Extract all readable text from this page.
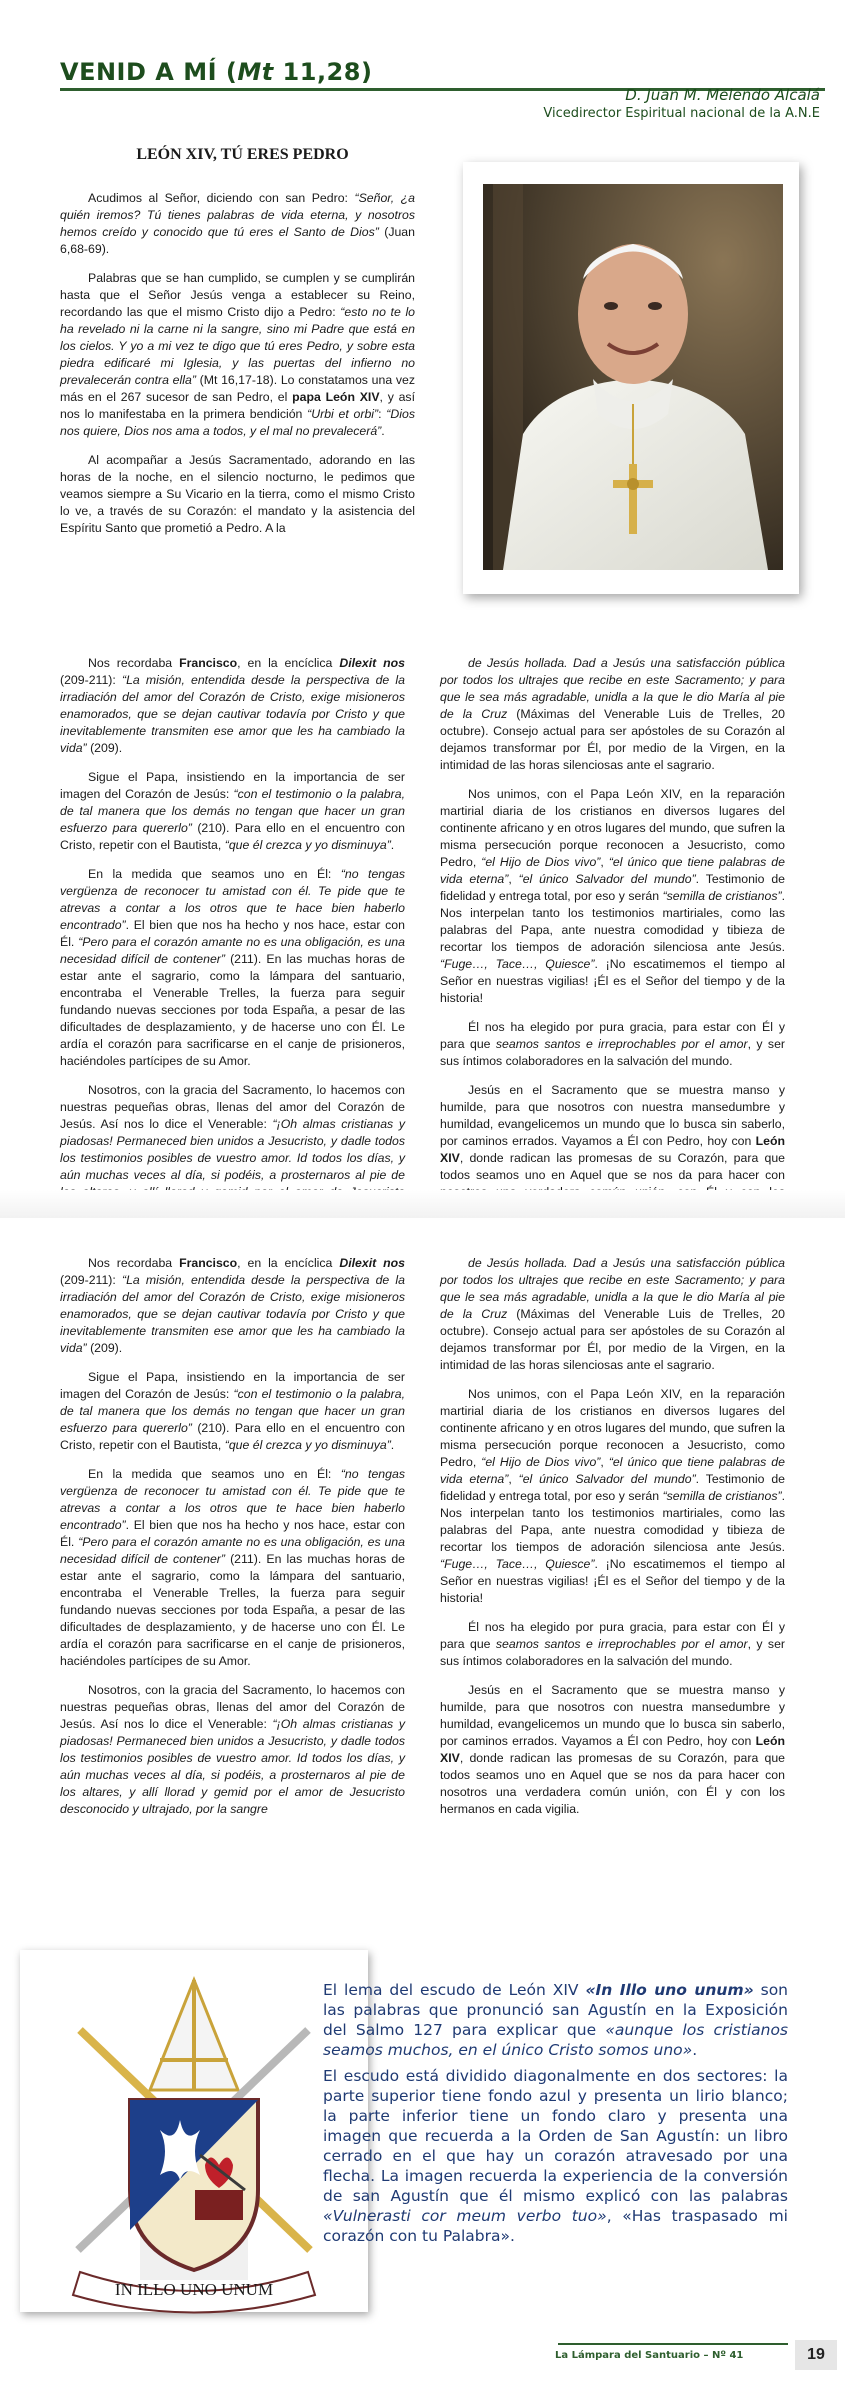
VENID A MÍ (Mt 11,28)
D. Juan M. Melendo Alcalá
Vicedirector Espiritual nacional de la A.N.E
LEÓN XIV, TÚ ERES PEDRO

Acudimos al Señor, diciendo con san Pedro: “Señor, ¿a quién iremos? Tú tienes palabras de vida eterna, y nosotros hemos creído y conocido que tú eres el Santo de Dios” (Juan 6,68-69).

Palabras que se han cumplido, se cumplen y se cumplirán hasta que el Señor Jesús venga a establecer su Reino, recordando las que el mismo Cristo dijo a Pedro: “esto no te lo ha revelado ni la carne ni la sangre, sino mi Padre que está en los cielos. Y yo a mi vez te digo que tú eres Pedro, y sobre esta piedra edificaré mi Iglesia, y las puertas del infierno no prevalecerán contra ella” (Mt 16,17-18). Lo constatamos una vez más en el 267 sucesor de san Pedro, el papa León XIV, y así nos lo manifestaba en la primera bendición “Urbi et orbi”: “Dios nos quiere, Dios nos ama a todos, y el mal no prevalecerá”.

Al acompañar a Jesús Sacramentado, adorando en las horas de la noche, en el silencio nocturno, le pedimos que veamos siempre a Su Vicario en la tierra, como el mismo Cristo lo ve, a través de su Corazón: el mandato y la asistencia del Espíritu Santo que prometió a Pedro. A la

Nos recordaba Francisco, en la encíclica Dilexit nos (209-211): “La misión, entendida desde la perspectiva de la irradiación del amor del Corazón de Cristo, exige misioneros enamorados, que se dejan cautivar todavía por Cristo y que inevitablemente transmiten ese amor que les ha cambiado la vida” (209).

Sigue el Papa, insistiendo en la importancia de ser imagen del Corazón de Jesús: “con el testimonio o la palabra, de tal manera que los demás no tengan que hacer un gran esfuerzo para quererlo” (210). Para ello en el encuentro con Cristo, repetir con el Bautista, “que él crezca y yo disminuya”.

En la medida que seamos uno en Él: “no tengas vergüenza de reconocer tu amistad con él. Te pide que te atrevas a contar a los otros que te hace bien haberlo encontrado”. El bien que nos ha hecho y nos hace, estar con Él. “Pero para el corazón amante no es una obligación, es una necesidad difícil de contener” (211). En las muchas horas de estar ante el sagrario, como la lámpara del santuario, encontraba el Venerable Trelles, la fuerza para seguir fundando nuevas secciones por toda España, a pesar de las dificultades de desplazamiento, y de hacerse uno con Él. Le ardía el corazón para sacrificarse en el canje de prisioneros, haciéndoles partícipes de su Amor.

Nosotros, con la gracia del Sacramento, lo hacemos con nuestras pequeñas obras, llenas del amor del Corazón de Jesús. Así nos lo dice el Venerable: “¡Oh almas cristianas y piadosas! Permaneced bien unidos a Jesucristo, y dadle todos los testimonios posibles de vuestro amor. Id todos los días, y aún muchas veces al día, si podéis, a prosternaros al pie de

de Jesús hollada. Dad a Jesús una satisfacción pública por todos los ultrajes que recibe en este Sacramento; y para que le sea más agradable, unidla a la que le dio María al pie de la Cruz (Máximas del Venerable Luis de Trelles, 20 octubre). Consejo actual para ser apóstoles de su Corazón al dejamos transformar por Él, por medio de la Virgen, en la intimidad de las horas silenciosas ante el sagrario.

Nos unimos, con el Papa León XIV, en la reparación martirial diaria de los cristianos en diversos lugares del continente africano y en otros lugares del mundo, que sufren la misma persecución porque reconocen a Jesucristo, como Pedro, “el Hijo de Dios vivo”, “el único que tiene palabras de vida eterna”, “el único Salvador del mundo”. Testimonio de fidelidad y entrega total, por eso y serán “semilla de cristianos”. Nos interpelan tanto los testimonios martiriales, como las palabras del Papa, ante nuestra comodidad y tibieza de recortar los tiempos de adoración silenciosa ante Jesús. “Fuge…, Tace…, Quiesce”. ¡No escatimemos el tiempo al Señor en nuestras vigilias! ¡Él es el Señor del tiempo y de la historia!

Él nos ha elegido por pura gracia, para estar con Él y para que seamos santos e irreprochables por el amor, y ser sus íntimos colaboradores en la salvación del mundo.

Jesús en el Sacramento que se muestra manso y humilde, para que nosotros con nuestra mansedumbre y humildad, evangelicemos un mundo que lo busca sin saberlo, por caminos errados. Vayamos a Él con Pedro, hoy con León XIV, donde radican las promesas de su Corazón, para que todos seamos uno en Aquel que se nos da para hacer con

Nos recordaba Francisco, en la encíclica Dilexit nos (209-211): “La misión, entendida desde la perspectiva de la irradiación del amor del Corazón de Cristo, exige misioneros enamorados, que se dejan cautivar todavía por Cristo y que inevitablemente transmiten ese amor que les ha cambiado la vida” (209).

Sigue el Papa, insistiendo en la importancia de ser imagen del Corazón de Jesús: “con el testimonio o la palabra, de tal manera que los demás no tengan que hacer un gran esfuerzo para quererlo” (210). Para ello en el encuentro con Cristo, repetir con el Bautista, “que él crezca y yo disminuya”.

En la medida que seamos uno en Él: “no tengas vergüenza de reconocer tu amistad con él. Te pide que te atrevas a contar a los otros que te hace bien haberlo encontrado”. El bien que nos ha hecho y nos hace, estar con Él. “Pero para el corazón amante no es una obligación, es una necesidad difícil de contener” (211). En las muchas horas de estar ante el sagrario, como la lámpara del santuario, encontraba el Venerable Trelles, la fuerza para seguir fundando nuevas secciones por toda España, a pesar de las dificultades de desplazamiento, y de hacerse uno con Él. Le ardía el corazón para sacrificarse en el canje de prisioneros, haciéndoles partícipes de su Amor.

Nosotros, con la gracia del Sacramento, lo hacemos con nuestras pequeñas obras, llenas del amor del Corazón de Jesús. Así nos lo dice el Venerable: “¡Oh almas cristianas y piadosas! Permaneced bien unidos a Jesucristo, y dadle todos los testimonios posibles de vuestro amor. Id todos los días, y aún muchas veces al día, si podéis, a prosternaros al pie de los altares, y allí llorad y gemid por el amor de Jesucristo desconocido y ultrajado, por la sangre

de Jesús hollada. Dad a Jesús una satisfacción pública por todos los ultrajes que recibe en este Sacramento; y para que le sea más agradable, unidla a la que le dio María al pie de la Cruz (Máximas del Venerable Luis de Trelles, 20 octubre). Consejo actual para ser apóstoles de su Corazón al dejamos transformar por Él, por medio de la Virgen, en la intimidad de las horas silenciosas ante el sagrario.

Nos unimos, con el Papa León XIV, en la reparación martirial diaria de los cristianos en diversos lugares del continente africano y en otros lugares del mundo, que sufren la misma persecución porque reconocen a Jesucristo, como Pedro, “el Hijo de Dios vivo”, “el único que tiene palabras de vida eterna”, “el único Salvador del mundo”. Testimonio de fidelidad y entrega total, por eso y serán “semilla de cristianos”. Nos interpelan tanto los testimonios martiriales, como las palabras del Papa, ante nuestra comodidad y tibieza de recortar los tiempos de adoración silenciosa ante Jesús. “Fuge…, Tace…, Quiesce”. ¡No escatimemos el tiempo al Señor en nuestras vigilias! ¡Él es el Señor del tiempo y de la historia!

Él nos ha elegido por pura gracia, para estar con Él y para que seamos santos e irreprochables por el amor, y ser sus íntimos colaboradores en la salvación del mundo.

Jesús en el Sacramento que se muestra manso y humilde, para que nosotros con nuestra mansedumbre y humildad, evangelicemos un mundo que lo busca sin saberlo, por caminos errados. Vayamos a Él con Pedro, hoy con León XIV, donde radican las promesas de su Corazón, para que todos seamos uno en Aquel que se nos da para hacer con nosotros una verdadera común unión, con Él y con los hermanos en cada vigilia.

IN ILLO UNO UNUM

El lema del escudo de León XIV «In Illo uno unum» son las palabras que pronunció san Agustín en la Exposición del Salmo 127 para explicar que «aunque los cristianos seamos muchos, en el único Cristo somos uno».

El escudo está dividido diagonalmente en dos sectores: la parte superior tiene fondo azul y presenta un lirio blanco; la parte inferior tiene un fondo claro y presenta una imagen que recuerda a la Orden de San Agustín: un libro cerrado en el que hay un corazón atravesado por una flecha. La imagen recuerda la experiencia de la conversión de san Agustín que él mismo explicó con las palabras «Vulnerasti cor meum verbo tuo», «Has traspasado mi corazón con tu Palabra».

La Lámpara del Santuario – Nº 41	19
